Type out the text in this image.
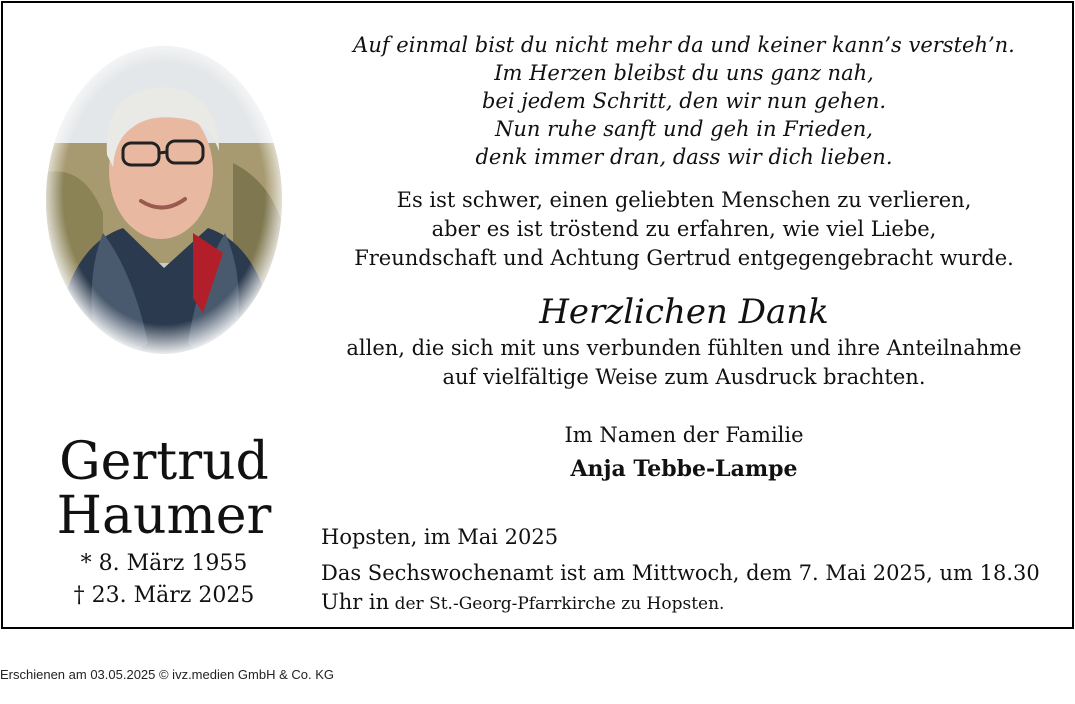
Gertrud
Haumer
* 8. März 1955
† 23. März 2025
Auf einmal bist du nicht mehr da und keiner kann’s versteh’n.
Im Herzen bleibst du uns ganz nah,
bei jedem Schritt, den wir nun gehen.
Nun ruhe sanft und geh in Frieden,
denk immer dran, dass wir dich lieben.
Es ist schwer, einen geliebten Menschen zu verlieren,
aber es ist tröstend zu erfahren, wie viel Liebe,
Freundschaft und Achtung Gertrud entgegengebracht wurde.
Herzlichen Dank
allen, die sich mit uns verbunden fühlten und ihre Anteilnahme
auf vielfältige Weise zum Ausdruck brachten.
Im Namen der Familie
Anja Tebbe-Lampe
Hopsten, im Mai 2025
Das Sechswochenamt ist am Mittwoch, dem 7. Mai 2025, um 18.30
Uhr in der St.-Georg-Pfarrkirche zu Hopsten.
Erschienen am 03.05.2025 © ivz.medien GmbH & Co. KG
